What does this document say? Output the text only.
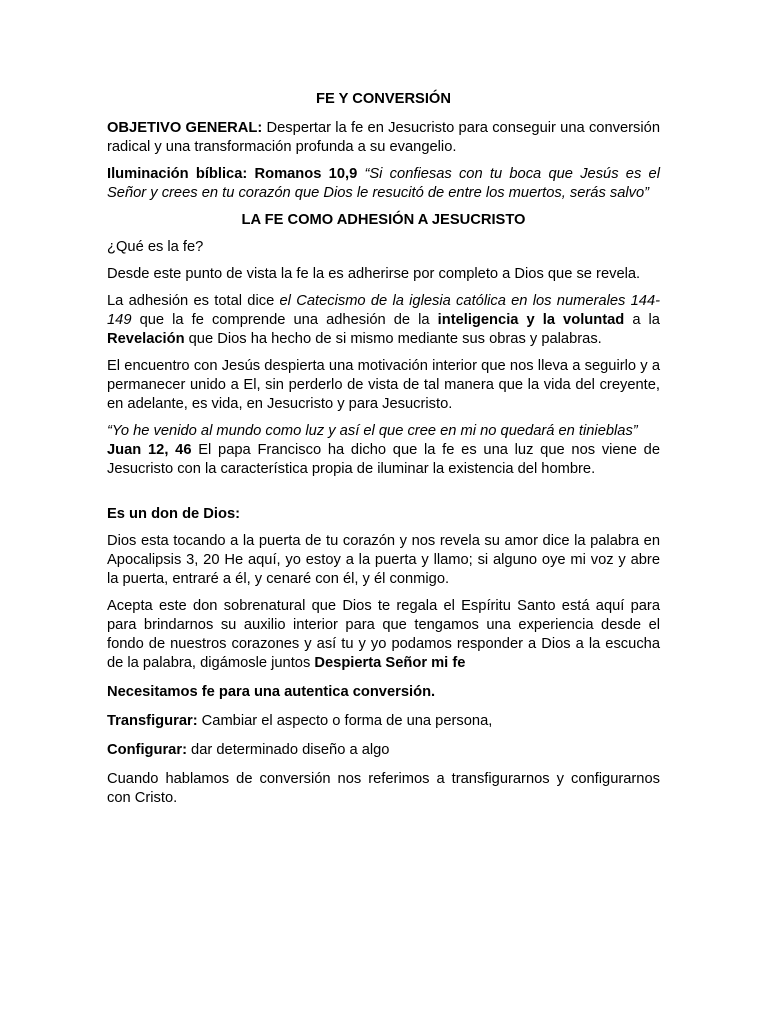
FE Y CONVERSIÓN

OBJETIVO GENERAL: Despertar la fe en Jesucristo para conseguir una conversión radical y una transformación profunda a su evangelio.

Iluminación bíblica: Romanos 10,9 “Si confiesas con tu boca que Jesús es el Señor y crees en tu corazón que Dios le resucitó de entre los muertos, serás salvo”

LA FE COMO ADHESIÓN A JESUCRISTO

¿Qué es la fe?

Desde este punto de vista la fe la es adherirse por completo a Dios que se revela.

La adhesión es total dice el Catecismo de la iglesia católica en los numerales 144-149 que la fe comprende una adhesión de la inteligencia y la voluntad a la Revelación que Dios ha hecho de si mismo mediante sus obras y palabras.

El encuentro con Jesús despierta una motivación interior que nos lleva a seguirlo y a permanecer unido a El, sin perderlo de vista de tal manera que la vida del creyente, en adelante, es vida, en Jesucristo y para Jesucristo.

“Yo he venido al mundo como luz y así el que cree en mi no quedará en tinieblas”
Juan 12, 46 El papa Francisco ha dicho que la fe es una luz que nos viene de Jesucristo con la característica propia de iluminar la existencia del hombre.

Es un don de Dios:

Dios esta tocando a la puerta de tu corazón y nos revela su amor dice la palabra en Apocalipsis 3, 20 He aquí, yo estoy a la puerta y llamo; si alguno oye mi voz y abre la puerta, entraré a él, y cenaré con él, y él conmigo.

Acepta este don sobrenatural que Dios te regala el Espíritu Santo está aquí para para brindarnos su auxilio interior para que tengamos una experiencia desde el fondo de nuestros corazones y así tu y yo podamos responder a Dios a la escucha de la palabra, digámosle juntos Despierta Señor mi fe

Necesitamos fe para una autentica conversión.

Transfigurar: Cambiar el aspecto o forma de una persona,

Configurar: dar determinado diseño a algo

Cuando hablamos de conversión nos referimos a transfigurarnos y configurarnos con Cristo.
